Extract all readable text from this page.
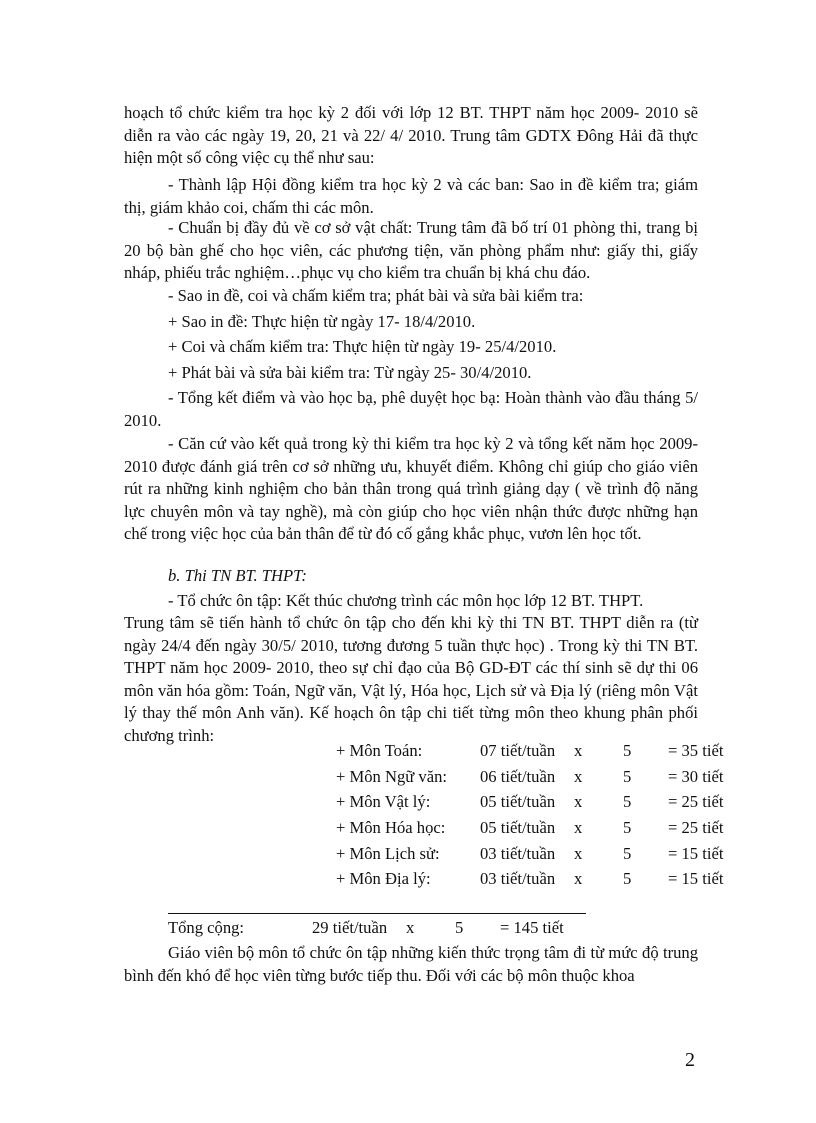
hoạch tổ chức kiểm tra học kỳ 2 đối với lớp 12 BT. THPT năm học 2009- 2010 sẽ diễn ra vào các ngày 19, 20, 21 và 22/ 4/ 2010. Trung tâm GDTX Đông Hải đã thực hiện một số công việc cụ thể như sau:

- Thành lập Hội đồng kiểm tra học kỳ 2 và các ban: Sao in đề kiểm tra; giám thị, giám khảo coi, chấm thi các môn.

- Chuẩn bị đầy đủ về cơ sở vật chất: Trung tâm đã bố trí 01 phòng thi, trang bị 20 bộ bàn ghế cho học viên, các phương tiện, văn phòng phẩm như: giấy thi, giấy nháp, phiếu trắc nghiệm…phục vụ cho kiểm tra chuẩn bị khá chu đáo.

- Sao in đề, coi và chấm kiểm tra; phát bài và sửa bài kiểm tra:
+ Sao in đề: Thực hiện từ ngày 17- 18/4/2010.
+ Coi và chấm kiểm tra: Thực hiện từ ngày 19- 25/4/2010.
+ Phát bài và sửa bài kiểm tra: Từ ngày 25- 30/4/2010.

- Tổng kết điểm và vào học bạ, phê duyệt học bạ: Hoàn thành vào đầu tháng 5/ 2010.

- Căn cứ vào kết quả trong kỳ thi kiểm tra học kỳ 2 và tổng kết năm học 2009- 2010 được đánh giá trên cơ sở những ưu, khuyết điểm. Không chỉ giúp cho giáo viên rút ra những kinh nghiệm cho bản thân trong quá trình giảng dạy ( về trình độ năng lực chuyên môn và tay nghề), mà còn giúp cho học viên nhận thức được những hạn chế trong việc học của bản thân để từ đó cố gắng khắc phục, vươn lên học tốt.

b. Thi TN BT. THPT:
- Tổ chức ôn tập: Kết thúc chương trình các môn học lớp 12 BT. THPT.

Trung tâm sẽ tiến hành tổ chức ôn tập cho đến khi kỳ thi TN BT. THPT diễn ra (từ ngày 24/4 đến ngày 30/5/ 2010, tương đương 5 tuần thực học) . Trong kỳ thi TN BT. THPT năm học 2009- 2010, theo sự chỉ đạo của Bộ GD-ĐT các thí sinh sẽ dự thi 06 môn văn hóa gồm: Toán, Ngữ văn, Vật lý, Hóa học, Lịch sử và Địa lý (riêng môn Vật lý thay thế môn Anh văn). Kế hoạch ôn tập chi tiết từng môn theo khung phân phối chương trình:

+ Môn Toán:	07 tiết/tuần x 5 = 35 tiết
+ Môn Ngữ văn: 06 tiết/tuần x 5 = 30 tiết
+ Môn Vật lý:	05 tiết/tuần x 5 = 25 tiết
+ Môn Hóa học: 05 tiết/tuần x 5 = 25 tiết
+ Môn Lịch sử: 03 tiết/tuần x 5 = 15 tiết
+ Môn Địa lý:	03 tiết/tuần x 5 = 15 tiết
Tổng cộng:	29 tiết/tuần x 5 = 145 tiết

Giáo viên bộ môn tổ chức ôn tập những kiến thức trọng tâm đi từ mức độ trung bình đến khó để học viên từng bước tiếp thu. Đối với các bộ môn thuộc khoa

2
